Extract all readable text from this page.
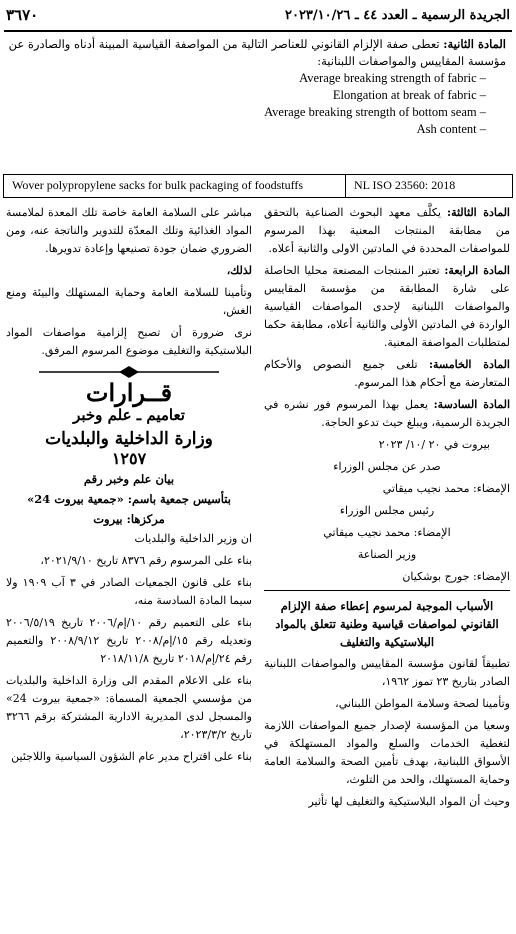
٣٦٧٠	الجريدة الرسمية ـ العدد ٤٤ ـ ٢٠٢٣/١٠/٢٦
المادة الثانية: تعطى صفة الإلزام القانوني للعناصر التالية من المواصفة القياسية المبينة أدناه والصادرة عن مؤسسة المقاييس والمواصفات اللبنانية:
Average breaking strength of fabric –
Elongation at break of fabric –
Average breaking strength of bottom seam –
Ash content –
Wover polypropylene sacks for bulk packaging of foodstuffs	NL ISO 23560: 2018

المادة الثالثة: يكلَّف معهد البحوث الصناعية بالتحقق من مطابقة المنتجات المعنية بهذا المرسوم للمواصفات المحددة في المادتين الاولى والثانية أعلاه.

المادة الرابعة: تعتبر المنتجات المصنعة محليا الحاصلة على شارة المطابقة من مؤسسة المقاييس والمواصفات اللبنانية لإحدى المواصفات القياسية الواردة في المادتين الأولى والثانية أعلاه، مطابقة حكما لمتطلبات المواصفة المعنية.

المادة الخامسة: تلغى جميع النصوص والأحكام المتعارضة مع أحكام هذا المرسوم.

المادة السادسة: يعمل بهذا المرسوم فور نشره في الجريدة الرسمية، ويبلغ حيث تدعو الحاجة.

بيروت في ٢٠ /١٠/ ٢٠٢٣

صدر عن مجلس الوزراء

الإمضاء: محمد نجيب ميقاتي

رئيس مجلس الوزراء

الإمضاء: محمد نجيب ميقاتي

وزير الصناعة

الإمضاء: جورج بوشكيان

الأسباب الموجبة لمرسوم إعطاء صفة الإلزام القانوني لمواصفات قياسية وطنية تتعلق بالمواد البلاستيكية والتغليف

تطبيقاً لقانون مؤسسة المقاييس والمواصفات اللبنانية الصادر بتاريخ ٢٣ تموز ١٩٦٢،

وتأمينا لصحة وسلامة المواطن اللبناني،

وسعيا من المؤسسة لإصدار جميع المواصفات اللازمة لتغطية الخدمات والسلع والمواد المستهلكة في الأسواق اللبنانية، بهدف تأمين الصحة والسلامة العامة وحماية المستهلك، والحد من التلوث،

وحيث أن المواد البلاستيكية والتغليف لها تأثير

مباشر على السلامة العامة خاصة تلك المعدة لملامسة المواد الغذائية وتلك المعدّة للتدوير والناتجة عنه، ومن الضروري ضمان جودة تصنيعها وإعادة تدويرها.

لذلك،

وتأمينا للسلامة العامة وحماية المستهلك والبيئة ومنع الغش،

نرى ضرورة أن تصبح إلزامية مواصفات المواد البلاستيكية والتغليف موضوع المرسوم المرفق.

قــرارات
تعاميم ـ علم وخبر
وزارة الداخلية والبلديات
١٢٥٧
بيان علم وخبر رقم
بتأسيس جمعية باسم: «جمعية بيروت 24»
مركزها: بيروت

ان وزير الداخلية والبلديات

بناء على المرسوم رقم ٨٣٧٦ تاريخ ٢٠٢١/٩/١٠،

بناء على قانون الجمعيات الصادر في ٣ آب ١٩٠٩ ولا سيما المادة السادسة منه،

بناء على التعميم رقم ١٠/إم/٢٠٠٦ تاريخ ٢٠٠٦/٥/١٩ وتعديله رقم ١٥/إم/٢٠٠٨ تاريخ ٢٠٠٨/٩/١٢ والتعميم رقم ٢٤/إم/٢٠١٨ تاريخ ٢٠١٨/١١/٨

بناء على الاعلام المقدم الى وزارة الداخلية والبلديات من مؤسسي الجمعية المسماة: «جمعية بيروت 24» والمسجل لدى المديرية الادارية المشتركة برقم ٣٢٦٦ تاريخ ٢٠٢٣/٣/٢،

بناء على اقتراح مدير عام الشؤون السياسية واللاجئين
